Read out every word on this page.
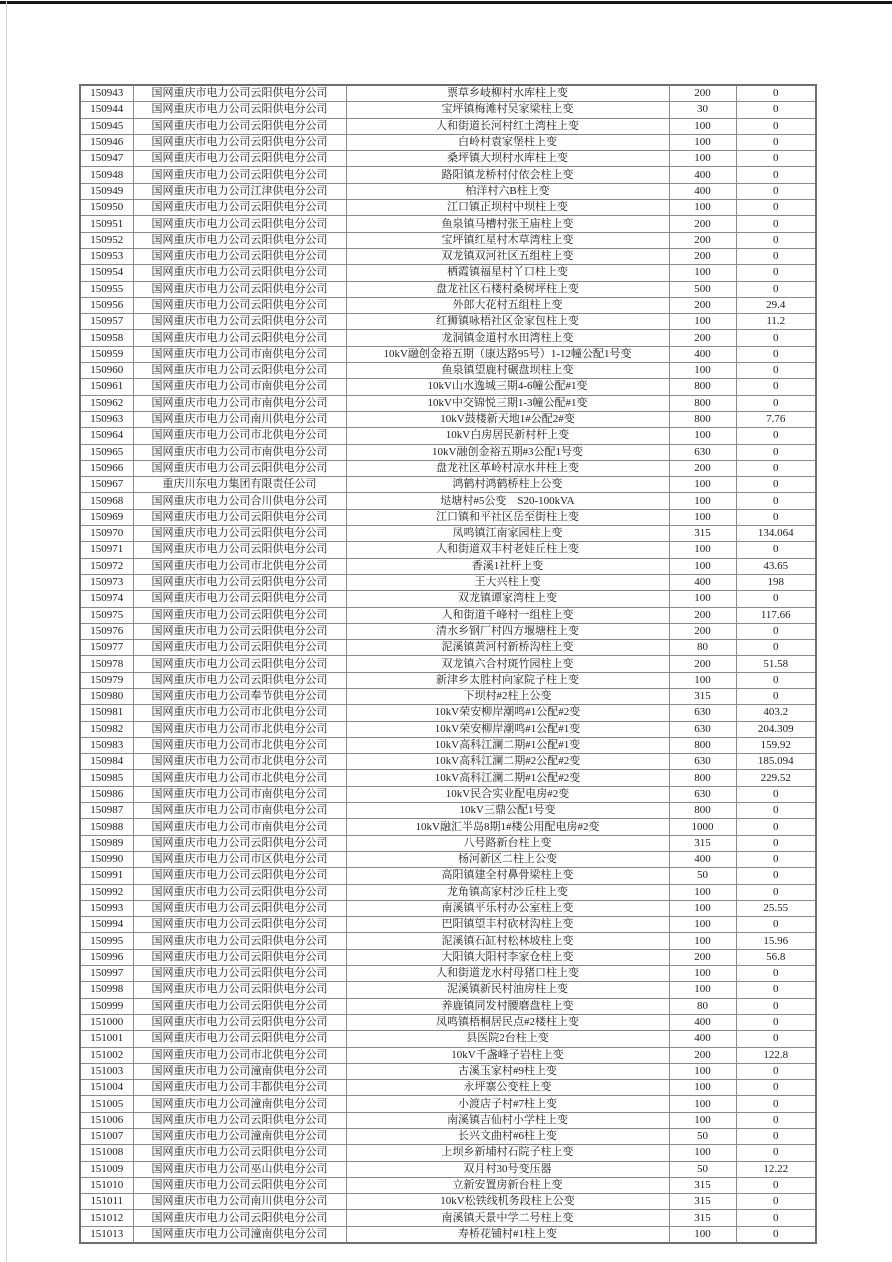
150943	国网重庆市电力公司云阳供电分公司	票草乡岐柳村水库柱上变	200	0
150944	国网重庆市电力公司云阳供电分公司	宝坪镇梅滩村吴家梁柱上变	30	0
150945	国网重庆市电力公司云阳供电分公司	人和街道长河村红土湾柱上变	100	0
150946	国网重庆市电力公司云阳供电分公司	白岭村袁家堡柱上变	100	0
150947	国网重庆市电力公司云阳供电分公司	桑坪镇大坝村水库柱上变	100	0
150948	国网重庆市电力公司云阳供电分公司	路阳镇龙桥村付依会柱上变	400	0
150949	国网重庆市电力公司江津供电分公司	柏洋村六B柱上变	400	0
150950	国网重庆市电力公司云阳供电分公司	江口镇正坝村中坝柱上变	100	0
150951	国网重庆市电力公司云阳供电分公司	鱼泉镇马槽村张王庙柱上变	200	0
150952	国网重庆市电力公司云阳供电分公司	宝坪镇红星村木草湾柱上变	200	0
150953	国网重庆市电力公司云阳供电分公司	双龙镇双河社区五组柱上变	200	0
150954	国网重庆市电力公司云阳供电分公司	栖霞镇福星村丫口柱上变	100	0
150955	国网重庆市电力公司云阳供电分公司	盘龙社区石楼村桑树坪柱上变	500	0
150956	国网重庆市电力公司云阳供电分公司	外郎大花村五组柱上变	200	29.4
150957	国网重庆市电力公司云阳供电分公司	红狮镇咏梧社区金家包柱上变	100	11.2
150958	国网重庆市电力公司云阳供电分公司	龙洞镇金道村水田湾柱上变	200	0
150959	国网重庆市电力公司市南供电分公司	10kV融创金裕五期（康达路95号）1-12幢公配1号变	400	0
150960	国网重庆市电力公司云阳供电分公司	鱼泉镇望鹿村碾盘坝柱上变	100	0
150961	国网重庆市电力公司市南供电分公司	10kV山水逸城三期4-6幢公配#1变	800	0
150962	国网重庆市电力公司市南供电分公司	10kV中交锦悦三期1-3幢公配#1变	800	0
150963	国网重庆市电力公司南川供电分公司	10kV鼓楼新天地1#公配2#变	800	7.76
150964	国网重庆市电力公司市北供电分公司	10kV白房居民新村杆上变	100	0
150965	国网重庆市电力公司市南供电分公司	10kV融创金裕五期#3公配1号变	630	0
150966	国网重庆市电力公司云阳供电分公司	盘龙社区革岭村凉水井柱上变	200	0
150967	重庆川东电力集团有限责任公司	鸿鹤村鸿鹤桥柱上公变	100	0
150968	国网重庆市电力公司合川供电分公司	垯塘村#5公变　S20-100kVA	100	0
150969	国网重庆市电力公司云阳供电分公司	江口镇和平社区岳至街柱上变	100	0
150970	国网重庆市电力公司云阳供电分公司	凤鸣镇江南家园柱上变	315	134.064
150971	国网重庆市电力公司云阳供电分公司	人和街道双丰村老娃丘柱上变	100	0
150972	国网重庆市电力公司市北供电分公司	香溪1社杆上变	100	43.65
150973	国网重庆市电力公司云阳供电分公司	王大兴柱上变	400	198
150974	国网重庆市电力公司云阳供电分公司	双龙镇谭家湾柱上变	100	0
150975	国网重庆市电力公司云阳供电分公司	人和街道千峰村一组柱上变	200	117.66
150976	国网重庆市电力公司云阳供电分公司	清水乡钢厂村四方堰塘柱上变	200	0
150977	国网重庆市电力公司云阳供电分公司	泥溪镇黄河村新桥沟柱上变	80	0
150978	国网重庆市电力公司云阳供电分公司	双龙镇六合村斑竹园柱上变	200	51.58
150979	国网重庆市电力公司云阳供电分公司	新津乡太胜村向家院子柱上变	100	0
150980	国网重庆市电力公司奉节供电分公司	下坝村#2柱上公变	315	0
150981	国网重庆市电力公司市北供电分公司	10kV荣安柳岸潮鸣#1公配#2变	630	403.2
150982	国网重庆市电力公司市北供电分公司	10kV荣安柳岸潮鸣#1公配#1变	630	204.309
150983	国网重庆市电力公司市北供电分公司	10kV高科江澜二期#1公配#1变	800	159.92
150984	国网重庆市电力公司市北供电分公司	10kV高科江澜二期#2公配#2变	630	185.094
150985	国网重庆市电力公司市北供电分公司	10kV高科江澜二期#1公配#2变	800	229.52
150986	国网重庆市电力公司市南供电分公司	10kV民合实业配电房#2变	630	0
150987	国网重庆市电力公司市南供电分公司	10kV三鼎公配1号变	800	0
150988	国网重庆市电力公司市南供电分公司	10kV融汇半岛8期1#楼公用配电房#2变	1000	0
150989	国网重庆市电力公司云阳供电分公司	八号路新台柱上变	315	0
150990	国网重庆市电力公司市区供电分公司	杨河新区二柱上公变	400	0
150991	国网重庆市电力公司云阳供电分公司	高阳镇建全村鼻骨梁柱上变	50	0
150992	国网重庆市电力公司云阳供电分公司	龙角镇高家村沙丘柱上变	100	0
150993	国网重庆市电力公司云阳供电分公司	南溪镇平乐村办公室柱上变	100	25.55
150994	国网重庆市电力公司云阳供电分公司	巴阳镇望丰村砍材沟柱上变	100	0
150995	国网重庆市电力公司云阳供电分公司	泥溪镇石缸村松林坡柱上变	100	15.96
150996	国网重庆市电力公司云阳供电分公司	大阳镇大阳村李家仓柱上变	200	56.8
150997	国网重庆市电力公司云阳供电分公司	人和街道龙水村母猪口柱上变	100	0
150998	国网重庆市电力公司云阳供电分公司	泥溪镇新民村油房柱上变	100	0
150999	国网重庆市电力公司云阳供电分公司	养鹿镇同发村腰磨盘柱上变	80	0
151000	国网重庆市电力公司云阳供电分公司	凤鸣镇梧桐居民点#2楼柱上变	400	0
151001	国网重庆市电力公司云阳供电分公司	县医院2台柱上变	400	0
151002	国网重庆市电力公司市北供电分公司	10kV千盏峰子岩柱上变	200	122.8
151003	国网重庆市电力公司潼南供电分公司	古溪玉家村#9柱上变	100	0
151004	国网重庆市电力公司丰都供电分公司	永坪寨公变柱上变	100	0
151005	国网重庆市电力公司潼南供电分公司	小渡店子村#7柱上变	100	0
151006	国网重庆市电力公司云阳供电分公司	南溪镇吉仙村小学柱上变	100	0
151007	国网重庆市电力公司潼南供电分公司	长兴文曲村#6柱上变	50	0
151008	国网重庆市电力公司云阳供电分公司	上坝乡新埔村石院子柱上变	100	0
151009	国网重庆市电力公司巫山供电分公司	双月村30号变压器	50	12.22
151010	国网重庆市电力公司云阳供电分公司	立新安置房新台柱上变	315	0
151011	国网重庆市电力公司南川供电分公司	10kV松铁线机务段柱上公变	315	0
151012	国网重庆市电力公司云阳供电分公司	南溪镇天景中学二号柱上变	315	0
151013	国网重庆市电力公司潼南供电分公司	寿桥花铺村#1柱上变	100	0
